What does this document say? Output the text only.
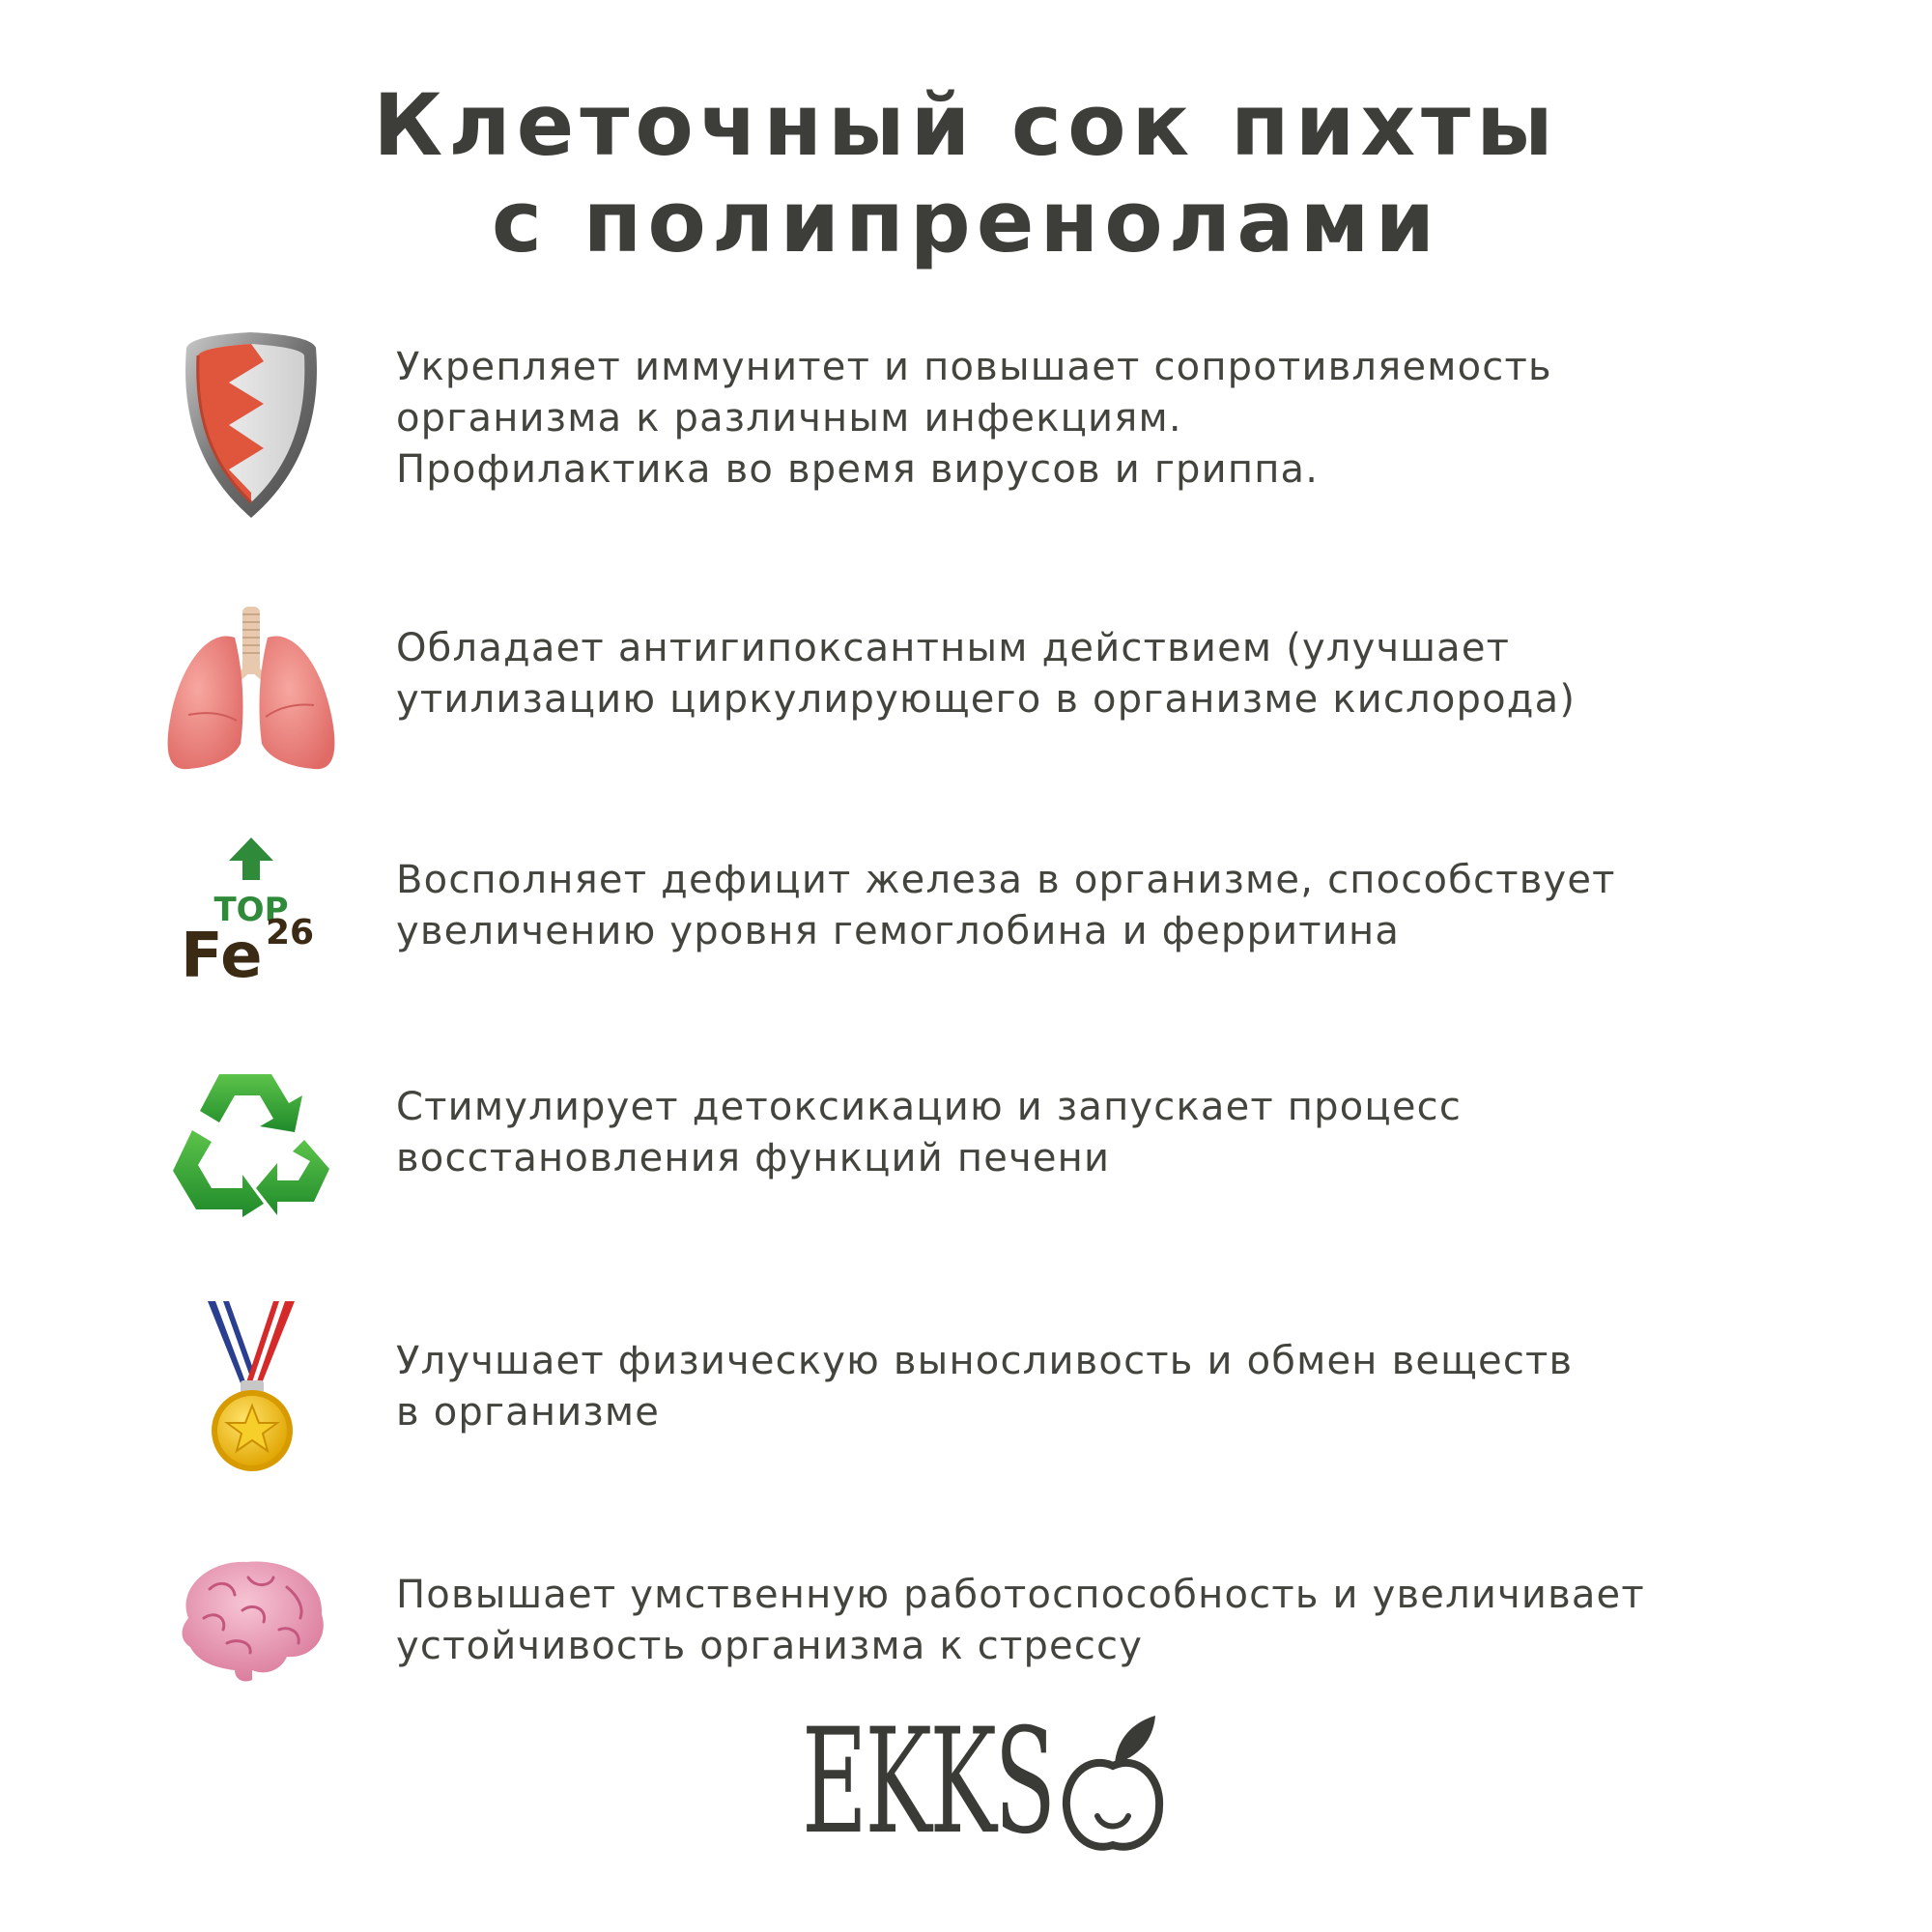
Клеточный сок пихты
с полипренолами
Укрепляет иммунитет и повышает сопротивляемость
организма к различным инфекциям.
Профилактика во время вирусов и гриппа.
Обладает антигипоксантным действием (улучшает
утилизацию циркулирующего в организме кислорода)
TOP
Fe 26
Восполняет дефицит железа в организме, способствует
увеличению уровня гемоглобина и ферритина
Стимулирует детоксикацию и запускает процесс
восстановления функций печени
Улучшает физическую выносливость и обмен веществ
в организме
Повышает умственную работоспособность и увеличивает
устойчивость организма к стрессу
EKKS
